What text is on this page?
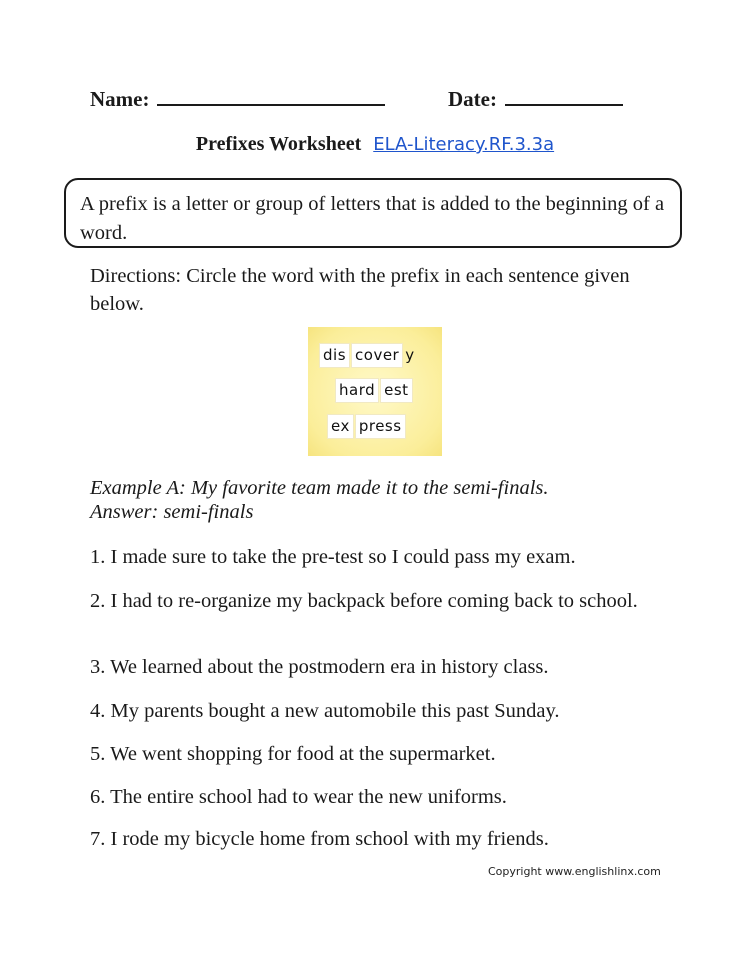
Name:	Date:
Prefixes Worksheet ELA-Literacy.RF.3.3a
A prefix is a letter or group of letters that is added to the beginning of a word.
Directions: Circle the word with the prefix in each sentence given below.
dis cover y
hard est
ex press
Example A: My favorite team made it to the semi-finals.
Answer: semi-finals
1. I made sure to take the pre-test so I could pass my exam.
2. I had to re-organize my backpack before coming back to school.
3. We learned about the postmodern era in history class.
4. My parents bought a new automobile this past Sunday.
5. We went shopping for food at the supermarket.
6. The entire school had to wear the new uniforms.
7. I rode my bicycle home from school with my friends.
Copyright www.englishlinx.com
